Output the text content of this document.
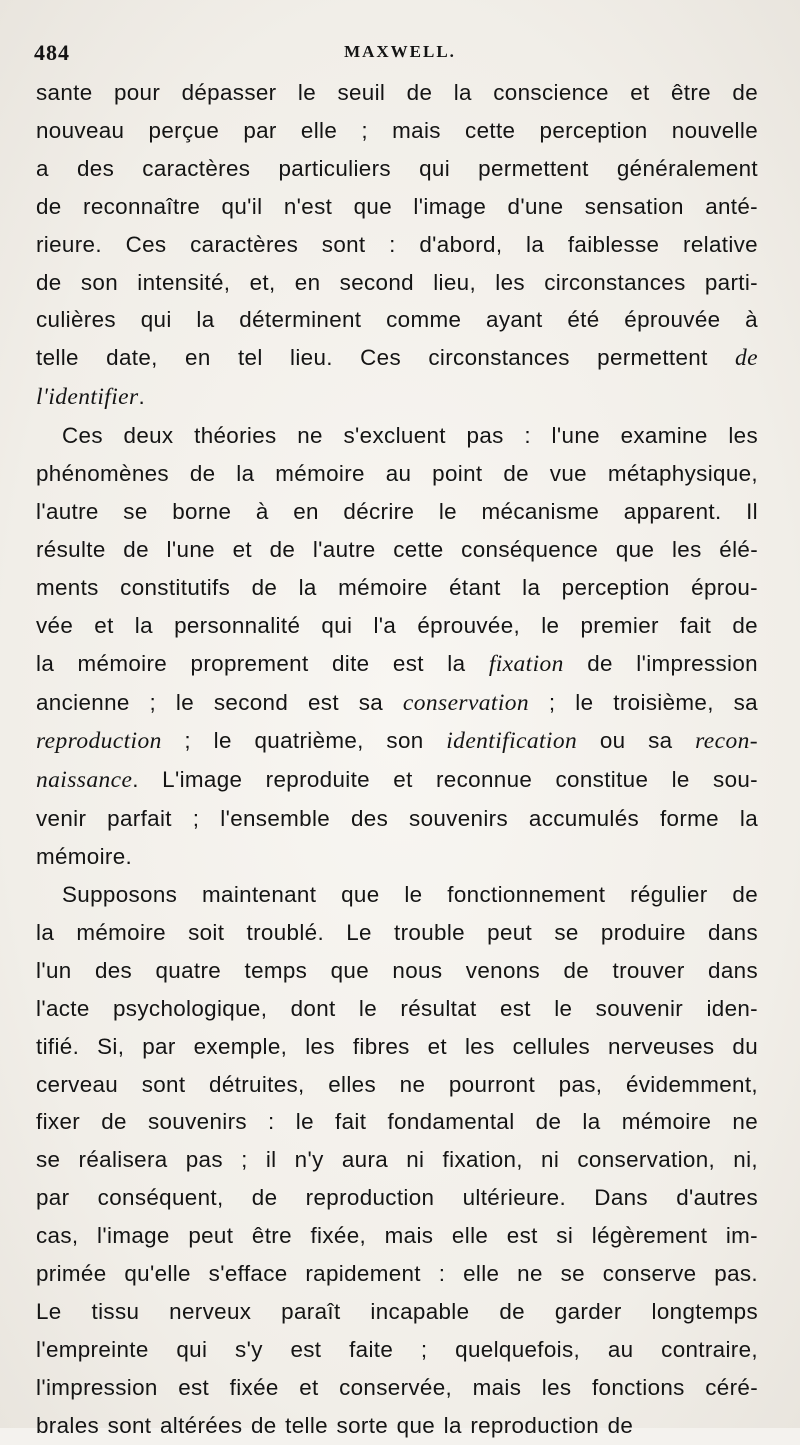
484	MAXWELL.

sante pour dépasser le seuil de la conscience et être de
nouveau perçue par elle ; mais cette perception nouvelle
a des caractères particuliers qui permettent généralement
de reconnaître qu'il n'est que l'image d'une sensation anté-
rieure. Ces caractères sont : d'abord, la faiblesse relative
de son intensité, et, en second lieu, les circonstances parti-
culières qui la déterminent comme ayant été éprouvée à
telle date, en tel lieu. Ces circonstances permettent de
l'identifier.

Ces deux théories ne s'excluent pas : l'une examine les
phénomènes de la mémoire au point de vue métaphysique,
l'autre se borne à en décrire le mécanisme apparent. Il
résulte de l'une et de l'autre cette conséquence que les élé-
ments constitutifs de la mémoire étant la perception éprou-
vée et la personnalité qui l'a éprouvée, le premier fait de
la mémoire proprement dite est la fixation de l'impression
ancienne ; le second est sa conservation ; le troisième, sa
reproduction ; le quatrième, son identification ou sa recon-
naissance. L'image reproduite et reconnue constitue le sou-
venir parfait ; l'ensemble des souvenirs accumulés forme la
mémoire.

Supposons maintenant que le fonctionnement régulier de
la mémoire soit troublé. Le trouble peut se produire dans
l'un des quatre temps que nous venons de trouver dans
l'acte psychologique, dont le résultat est le souvenir iden-
tifié. Si, par exemple, les fibres et les cellules nerveuses du
cerveau sont détruites, elles ne pourront pas, évidemment,
fixer de souvenirs : le fait fondamental de la mémoire ne
se réalisera pas ; il n'y aura ni fixation, ni conservation, ni,
par conséquent, de reproduction ultérieure. Dans d'autres
cas, l'image peut être fixée, mais elle est si légèrement im-
primée qu'elle s'efface rapidement : elle ne se conserve pas.
Le tissu nerveux paraît incapable de garder longtemps
l'empreinte qui s'y est faite ; quelquefois, au contraire,
l'impression est fixée et conservée, mais les fonctions céré-
brales sont altérées de telle sorte que la reproduction de
